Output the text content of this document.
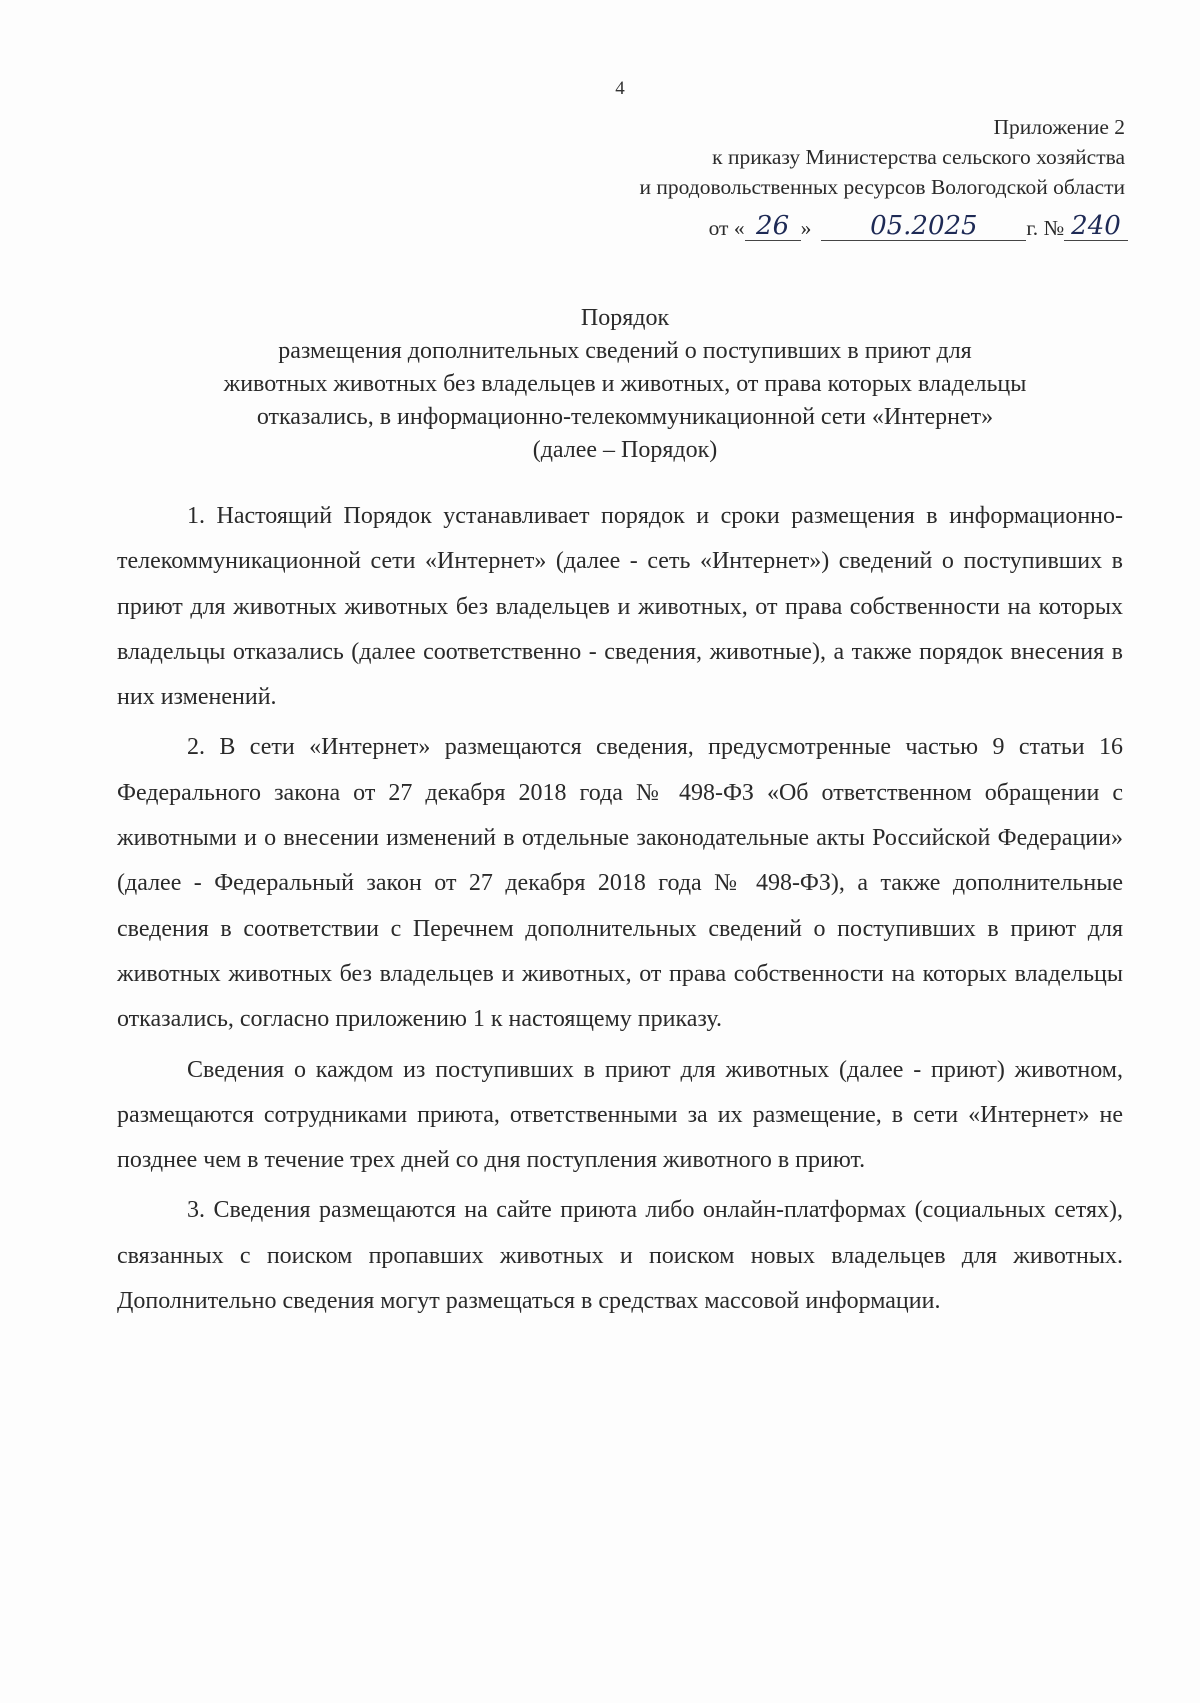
4
Приложение 2
к приказу Министерства сельского хозяйства
и продовольственных ресурсов Вологодской области
от « 26 » 05.2025 г. № 240
Порядок
размещения дополнительных сведений о поступивших в приют для
животных животных без владельцев и животных, от права которых владельцы
отказались, в информационно-телекоммуникационной сети «Интернет»
(далее – Порядок)

1. Настоящий Порядок устанавливает порядок и сроки размещения в информационно-телекоммуникационной сети «Интернет» (далее - сеть «Интернет») сведений о поступивших в приют для животных животных без владельцев и животных, от права собственности на которых владельцы отказались (далее соответственно - сведения, животные), а также порядок внесения в них изменений.

2. В сети «Интернет» размещаются сведения, предусмотренные частью 9 статьи 16 Федерального закона от 27 декабря 2018 года № 498-ФЗ «Об ответственном обращении с животными и о внесении изменений в отдельные законодательные акты Российской Федерации» (далее - Федеральный закон от 27 декабря 2018 года № 498-ФЗ), а также дополнительные сведения в соответствии с Перечнем дополнительных сведений о поступивших в приют для животных животных без владельцев и животных, от права собственности на которых владельцы отказались, согласно приложению 1 к настоящему приказу.

Сведения о каждом из поступивших в приют для животных (далее - приют) животном, размещаются сотрудниками приюта, ответственными за их размещение, в сети «Интернет» не позднее чем в течение трех дней со дня поступления животного в приют.

3. Сведения размещаются на сайте приюта либо онлайн-платформах (социальных сетях), связанных с поиском пропавших животных и поиском новых владельцев для животных. Дополнительно сведения могут размещаться в средствах массовой информации.
